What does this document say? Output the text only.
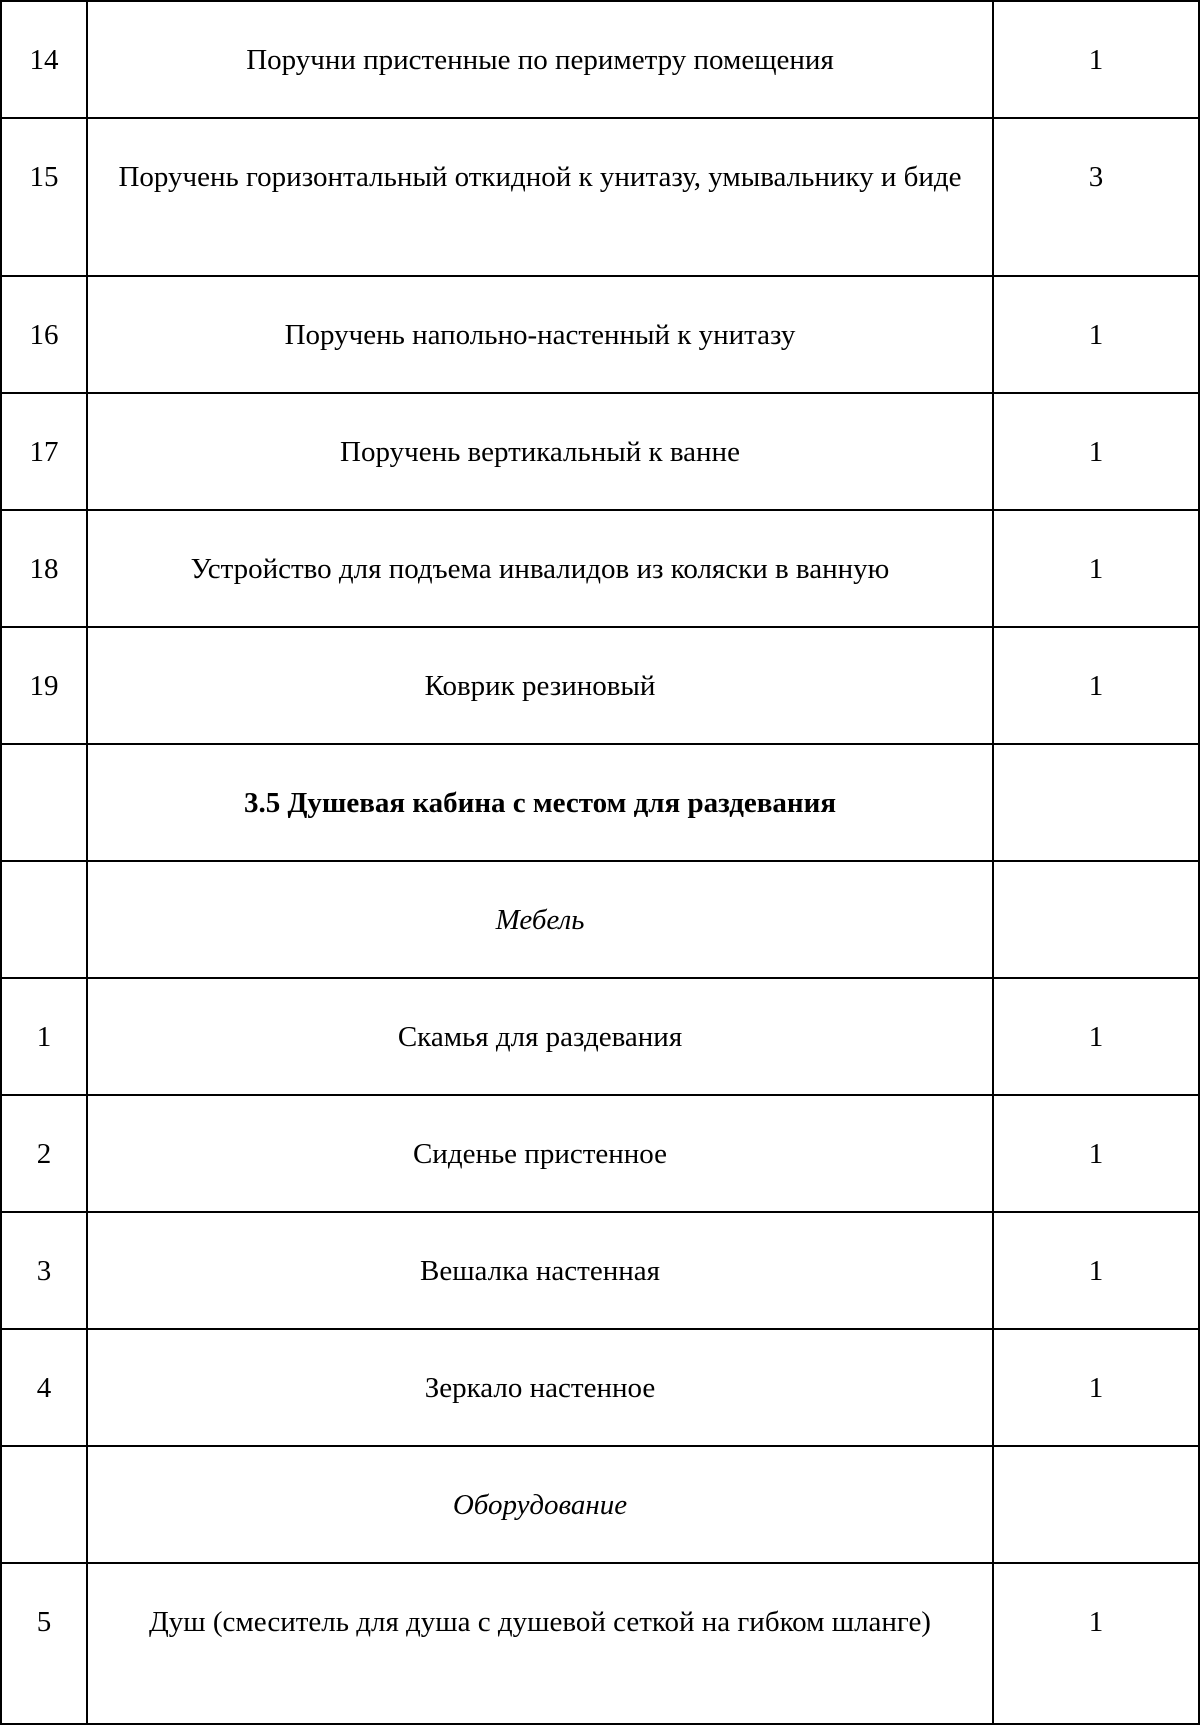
14	Поручни пристенные по периметру помещения	1

15	Поручень горизонтальный откидной к унитазу, умывальнику и биде	3

16	Поручень напольно-настенный к унитазу	1

17	Поручень вертикальный к ванне	1

18	Устройство для подъема инвалидов из коляски в ванную	1

19	Коврик резиновый	1

	3.5 Душевая кабина с местом для раздевания	

	Мебель	

1	Скамья для раздевания	1

2	Сиденье пристенное	1

3	Вешалка настенная	1

4	Зеркало настенное	1

	Оборудование	

5	Душ (смеситель для душа с душевой сеткой на гибком шланге)	1
